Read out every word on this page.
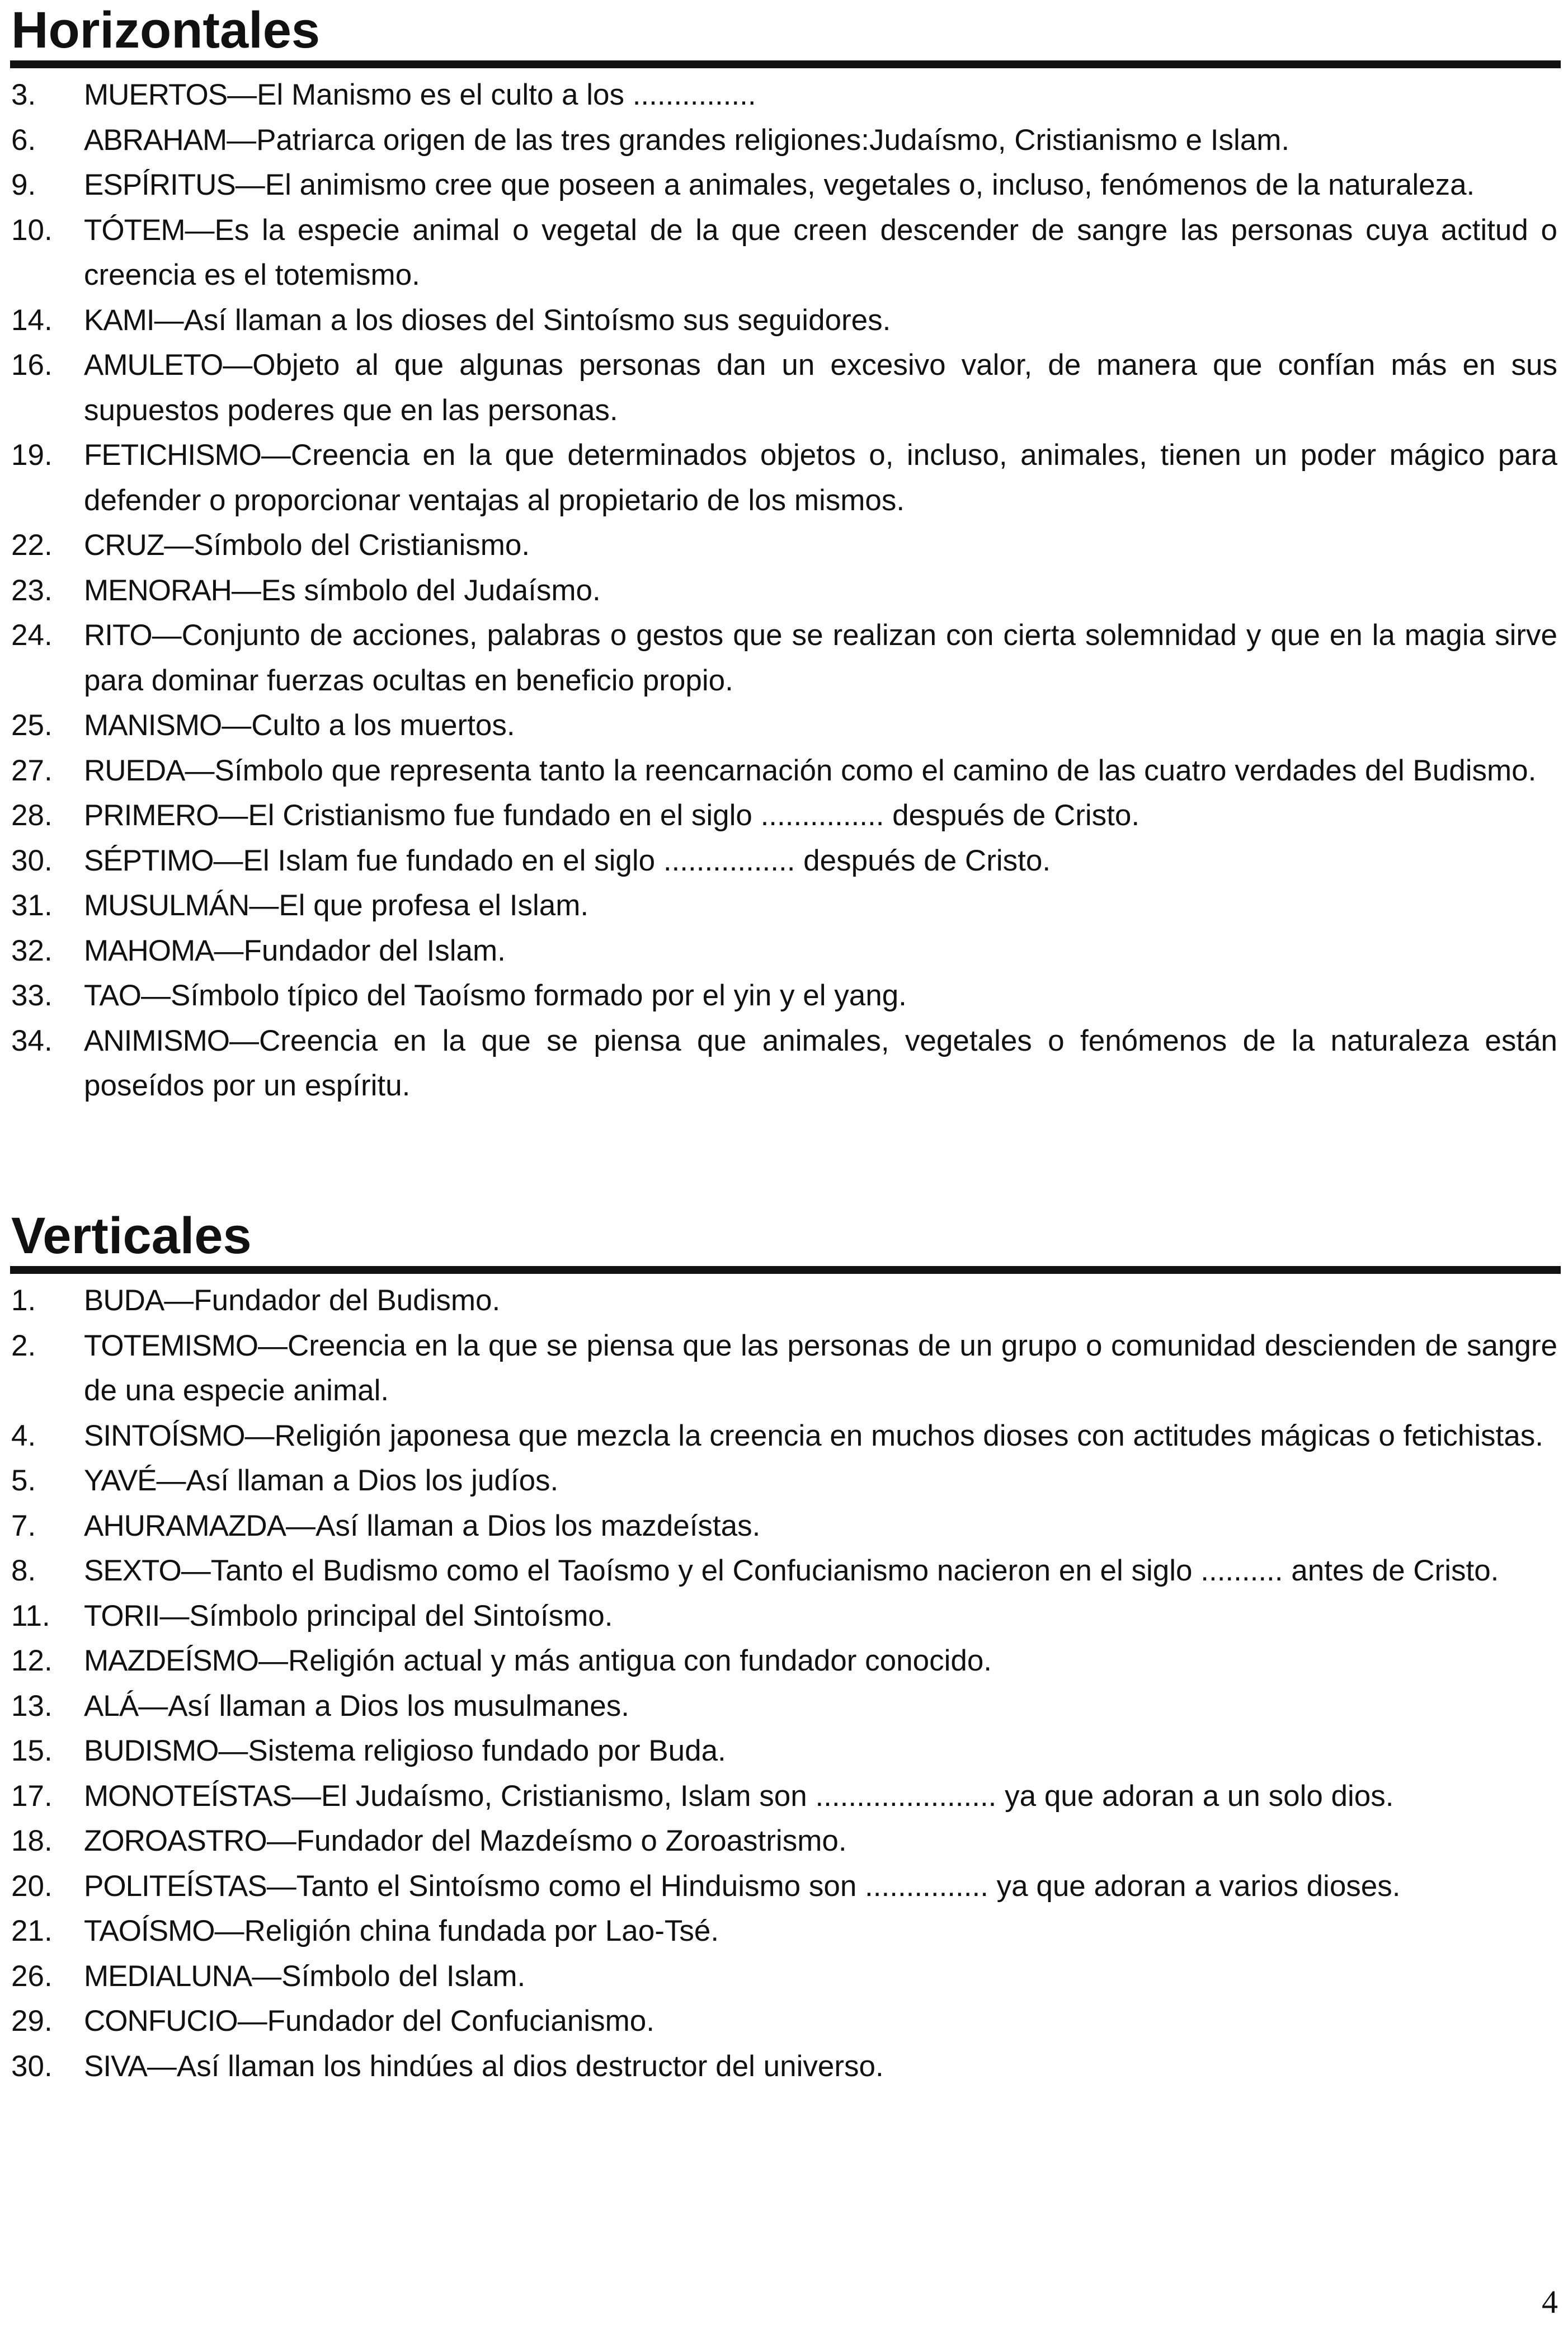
Horizontales
3.	MUERTOS—El Manismo es el culto a los ...............
6.	ABRAHAM—Patriarca origen de las tres grandes religiones:Judaísmo, Cristianismo e Islam.
9.	ESPÍRITUS—El animismo cree que poseen a animales, vegetales o, incluso, fenómenos de la naturaleza.
10.	TÓTEM—Es la especie animal o vegetal de la que creen descender de sangre las personas cuya actitud o creencia es el totemismo.
14.	KAMI—Así llaman a los dioses del Sintoísmo sus seguidores.
16.	AMULETO—Objeto al que algunas personas dan un excesivo valor, de manera que confían más en sus supuestos poderes que en las personas.
19.	FETICHISMO—Creencia en la que determinados objetos o, incluso, animales, tienen un poder mágico para defender o proporcionar ventajas al propietario de los mismos.
22.	CRUZ—Símbolo del Cristianismo.
23.	MENORAH—Es símbolo del Judaísmo.
24.	RITO—Conjunto de acciones, palabras o gestos que se realizan con cierta solemnidad y que en la magia sirve para dominar fuerzas ocultas en beneficio propio.
25.	MANISMO—Culto a los muertos.
27.	RUEDA—Símbolo que representa tanto la reencarnación como el camino de las cuatro verdades del Budismo.
28.	PRIMERO—El Cristianismo fue fundado en el siglo ............... después de Cristo.
30.	SÉPTIMO—El Islam fue fundado en el siglo ................ después de Cristo.
31.	MUSULMÁN—El que profesa el Islam.
32.	MAHOMA—Fundador del Islam.
33.	TAO—Símbolo típico del Taoísmo formado por el yin y el yang.
34.	ANIMISMO—Creencia en la que se piensa que animales, vegetales o fenómenos de la naturaleza están poseídos por un espíritu.
Verticales
1.	BUDA—Fundador del Budismo.
2.	TOTEMISMO—Creencia en la que se piensa que las personas de un grupo o comunidad descienden de sangre de una especie animal.
4.	SINTOÍSMO—Religión japonesa que mezcla la creencia en muchos dioses con actitudes mágicas o fetichistas.
5.	YAVÉ—Así llaman a Dios los judíos.
7.	AHURAMAZDA—Así llaman a Dios los mazdeístas.
8.	SEXTO—Tanto el Budismo como el Taoísmo y el Confucianismo nacieron en el siglo .......... antes de Cristo.
11.	TORII—Símbolo principal del Sintoísmo.
12.	MAZDEÍSMO—Religión actual y más antigua con fundador conocido.
13.	ALÁ—Así llaman a Dios los musulmanes.
15.	BUDISMO—Sistema religioso fundado por Buda.
17.	MONOTEÍSTAS—El Judaísmo, Cristianismo, Islam son ...................... ya que adoran a un solo dios.
18.	ZOROASTRO—Fundador del Mazdeísmo o Zoroastrismo.
20.	POLITEÍSTAS—Tanto el Sintoísmo como el Hinduismo son ............... ya que adoran a varios dioses.
21.	TAOÍSMO—Religión china fundada por Lao-Tsé.
26.	MEDIALUNA—Símbolo del Islam.
29.	CONFUCIO—Fundador del Confucianismo.
30.	SIVA—Así llaman los hindúes al dios destructor del universo.
4
